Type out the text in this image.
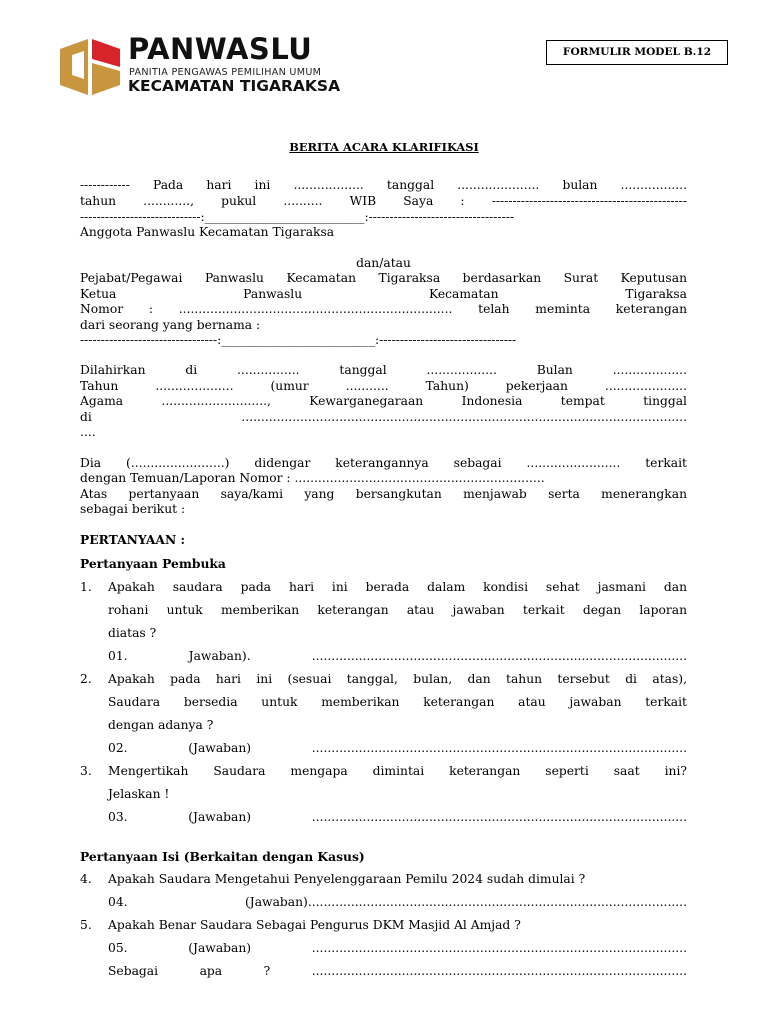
PANWASLU
PANITIA PENGAWAS PEMILIHAN UMUM
KECAMATAN TIGARAKSA
FORMULIR MODEL B.12
BERITA ACARA KLARIFIKASI
------------ Pada hari ini .................. tanggal ..................... bulan .................
tahun ............, pukul .......... WIB Saya : -----------------------------------------------
-----------------------------:__________________________:-----------------------------------
Anggota Panwaslu Kecamatan Tigaraksa
dan/atau
Pejabat/Pegawai Panwaslu Kecamatan Tigaraksa berdasarkan Surat Keputusan
Ketua Panwaslu Kecamatan Tigaraksa
Nomor : ...................................................................... telah meminta keterangan
dari seorang yang bernama :
---------------------------------:_________________________:---------------------------------
Dilahirkan di ................ tanggal .................. Bulan ...................
Tahun .................... (umur ........... Tahun) pekerjaan .....................
Agama ..........................., Kewarganegaraan Indonesia tempat tinggal
di ..................................................................................................................
....
Dia (........................) didengar keterangannya sebagai ........................ terkait
dengan Temuan/Laporan Nomor : ................................................................
Atas pertanyaan saya/kami yang bersangkutan menjawab serta menerangkan
sebagai berikut :
PERTANYAAN :
Pertanyaan Pembuka
1. Apakah saudara pada hari ini berada dalam kondisi sehat jasmani dan
rohani untuk memberikan keterangan atau jawaban terkait degan laporan
diatas ?
01. Jawaban). ................................................................................................
2. Apakah pada hari ini (sesuai tanggal, bulan, dan tahun tersebut di atas),
Saudara bersedia untuk memberikan keterangan atau jawaban terkait
dengan adanya ?
02. (Jawaban) ................................................................................................
3. Mengertikah Saudara mengapa dimintai keterangan seperti saat ini?
Jelaskan !
03. (Jawaban) ................................................................................................
Pertanyaan Isi (Berkaitan dengan Kasus)
4. Apakah Saudara Mengetahui Penyelenggaraan Pemilu 2024 sudah dimulai ?
04. (Jawaban).................................................................................................
5. Apakah Benar Saudara Sebagai Pengurus DKM Masjid Al Amjad ?
05. (Jawaban) ................................................................................................
Sebagai apa ? ................................................................................................
